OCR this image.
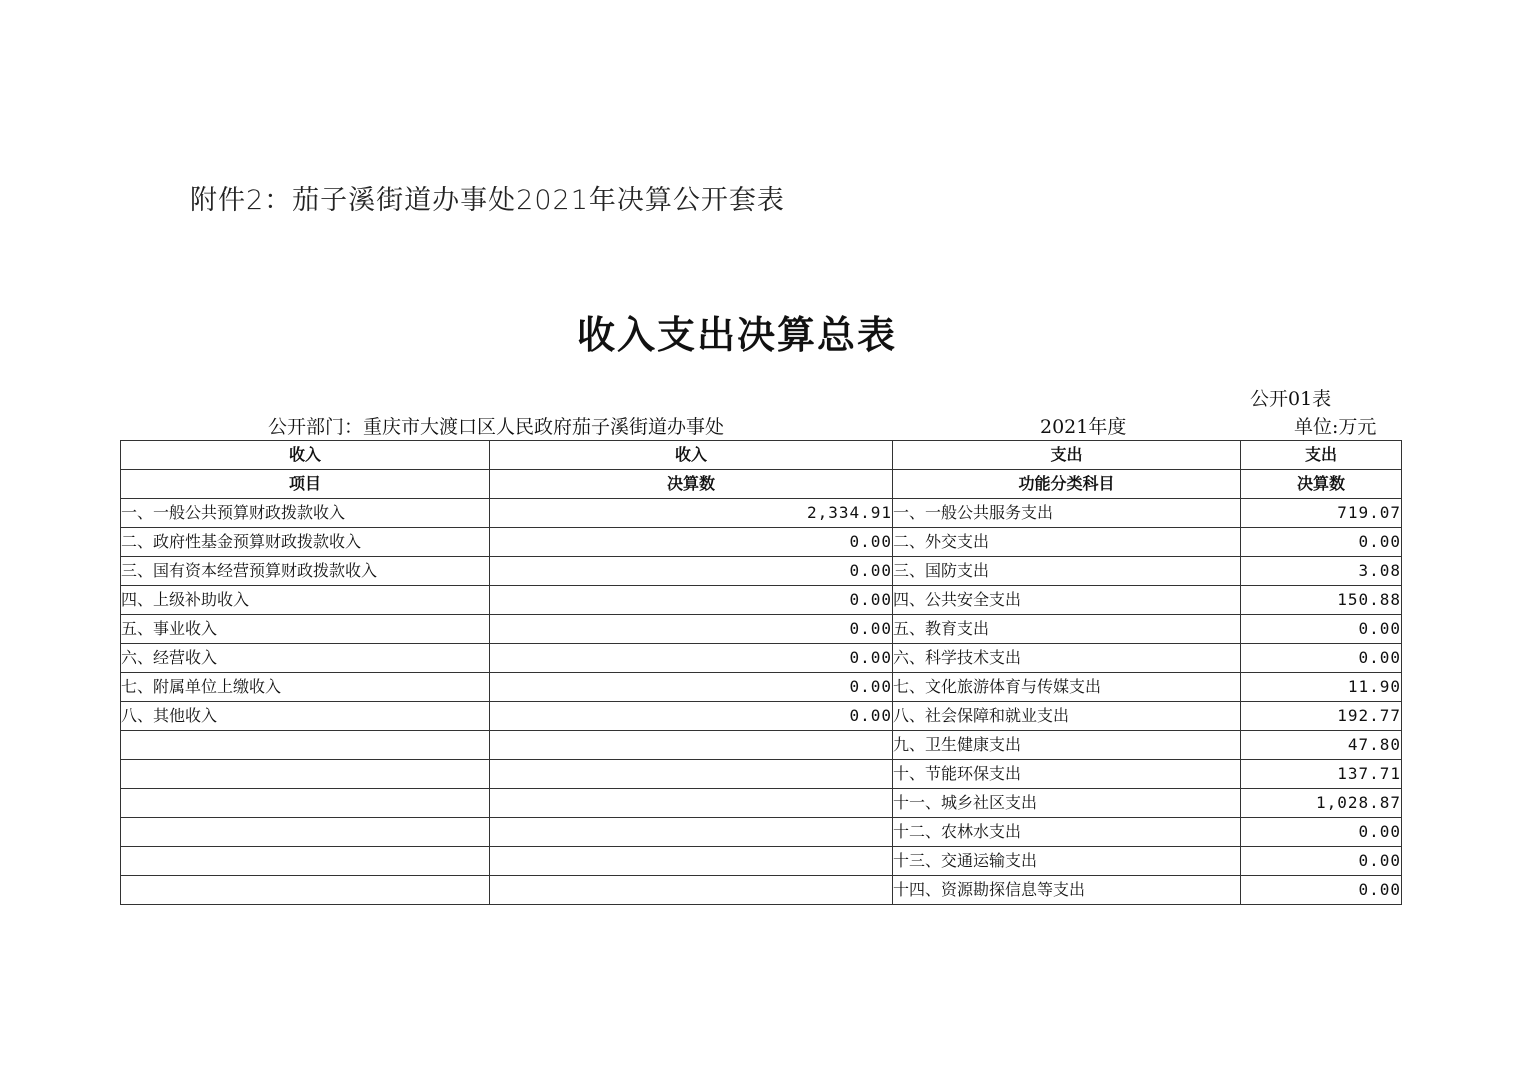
附件2：茄子溪街道办事处2021年决算公开套表
收入支出决算总表
公开01表
公开部门：重庆市大渡口区人民政府茄子溪街道办事处	2021年度	单位:万元
收入	收入	支出	支出
项目	决算数	功能分类科目	决算数
一、一般公共预算财政拨款收入	2,334.91	一、一般公共服务支出	719.07
二、政府性基金预算财政拨款收入	0.00	二、外交支出	0.00
三、国有资本经营预算财政拨款收入	0.00	三、国防支出	3.08
四、上级补助收入	0.00	四、公共安全支出	150.88
五、事业收入	0.00	五、教育支出	0.00
六、经营收入	0.00	六、科学技术支出	0.00
七、附属单位上缴收入	0.00	七、文化旅游体育与传媒支出	11.90
八、其他收入	0.00	八、社会保障和就业支出	192.77
		九、卫生健康支出	47.80
		十、节能环保支出	137.71
		十一、城乡社区支出	1,028.87
		十二、农林水支出	0.00
		十三、交通运输支出	0.00
		十四、资源勘探信息等支出	0.00
